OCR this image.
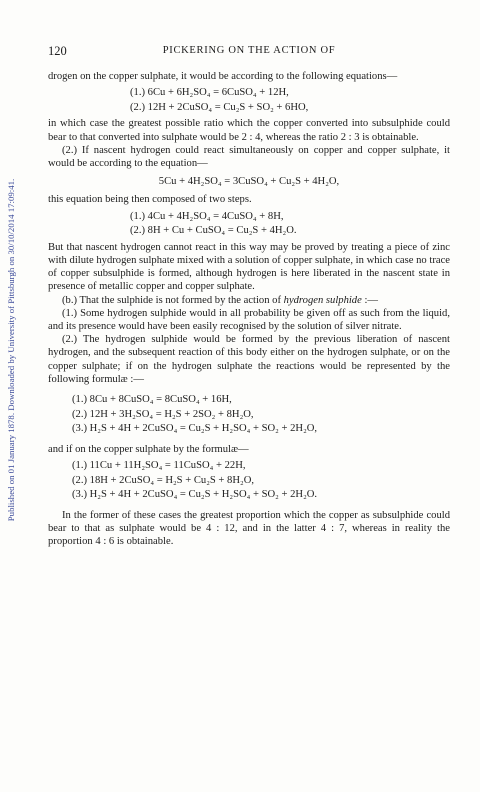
Published on 01 January 1878. Downloaded by University of Pittsburgh on 30/10/2014 17:09:41.
120	PICKERING ON THE ACTION OF

drogen on the copper sulphate, it would be according to the following equations—

(1.) 6Cu + 6H₂SO₄ = 6CuSO₄ + 12H,
(2.) 12H + 2CuSO₄ = Cu₂S + SO₂ + 6HO,

in which case the greatest possible ratio which the copper converted into subsulphide could bear to that converted into sulphate would be 2 : 4, whereas the ratio 2 : 3 is obtainable.

(2.) If nascent hydrogen could react simultaneously on copper and copper sulphate, it would be according to the equation—

5Cu + 4H₂SO₄ = 3CuSO₄ + Cu₂S + 4H₂O,

this equation being then composed of two steps.

(1.) 4Cu + 4H₂SO₄ = 4CuSO₄ + 8H,
(2.) 8H + Cu + CuSO₄ = Cu₂S + 4H₂O.

But that nascent hydrogen cannot react in this way may be proved by treating a piece of zinc with dilute hydrogen sulphate mixed with a solution of copper sulphate, in which case no trace of copper subsulphide is formed, although hydrogen is here liberated in the nascent state in presence of metallic copper and copper sulphate.

(b.) That the sulphide is not formed by the action of hydrogen sulphide :—

(1.) Some hydrogen sulphide would in all probability be given off as such from the liquid, and its presence would have been easily recognised by the solution of silver nitrate.

(2.) The hydrogen sulphide would be formed by the previous liberation of nascent hydrogen, and the subsequent reaction of this body either on the hydrogen sulphate, or on the copper sulphate; if on the hydrogen sulphate the reactions would be represented by the following formulæ :—

(1.) 8Cu + 8CuSO₄ = 8CuSO₄ + 16H,
(2.) 12H + 3H₂SO₄ = H₂S + 2SO₂ + 8H₂O,
(3.) H₂S + 4H + 2CuSO₄ = Cu₂S + H₂SO₄ + SO₂ + 2H₂O,

and if on the copper sulphate by the formulæ—

(1.) 11Cu + 11H₂SO₄ = 11CuSO₄ + 22H,
(2.) 18H + 2CuSO₄ = H₂S + Cu₂S + 8H₂O,
(3.) H₂S + 4H + 2CuSO₄ = Cu₂S + H₂SO₄ + SO₂ + 2H₂O.

In the former of these cases the greatest proportion which the copper as subsulphide could bear to that as sulphate would be 4 : 12, and in the latter 4 : 7, whereas in reality the proportion 4 : 6 is obtainable.
